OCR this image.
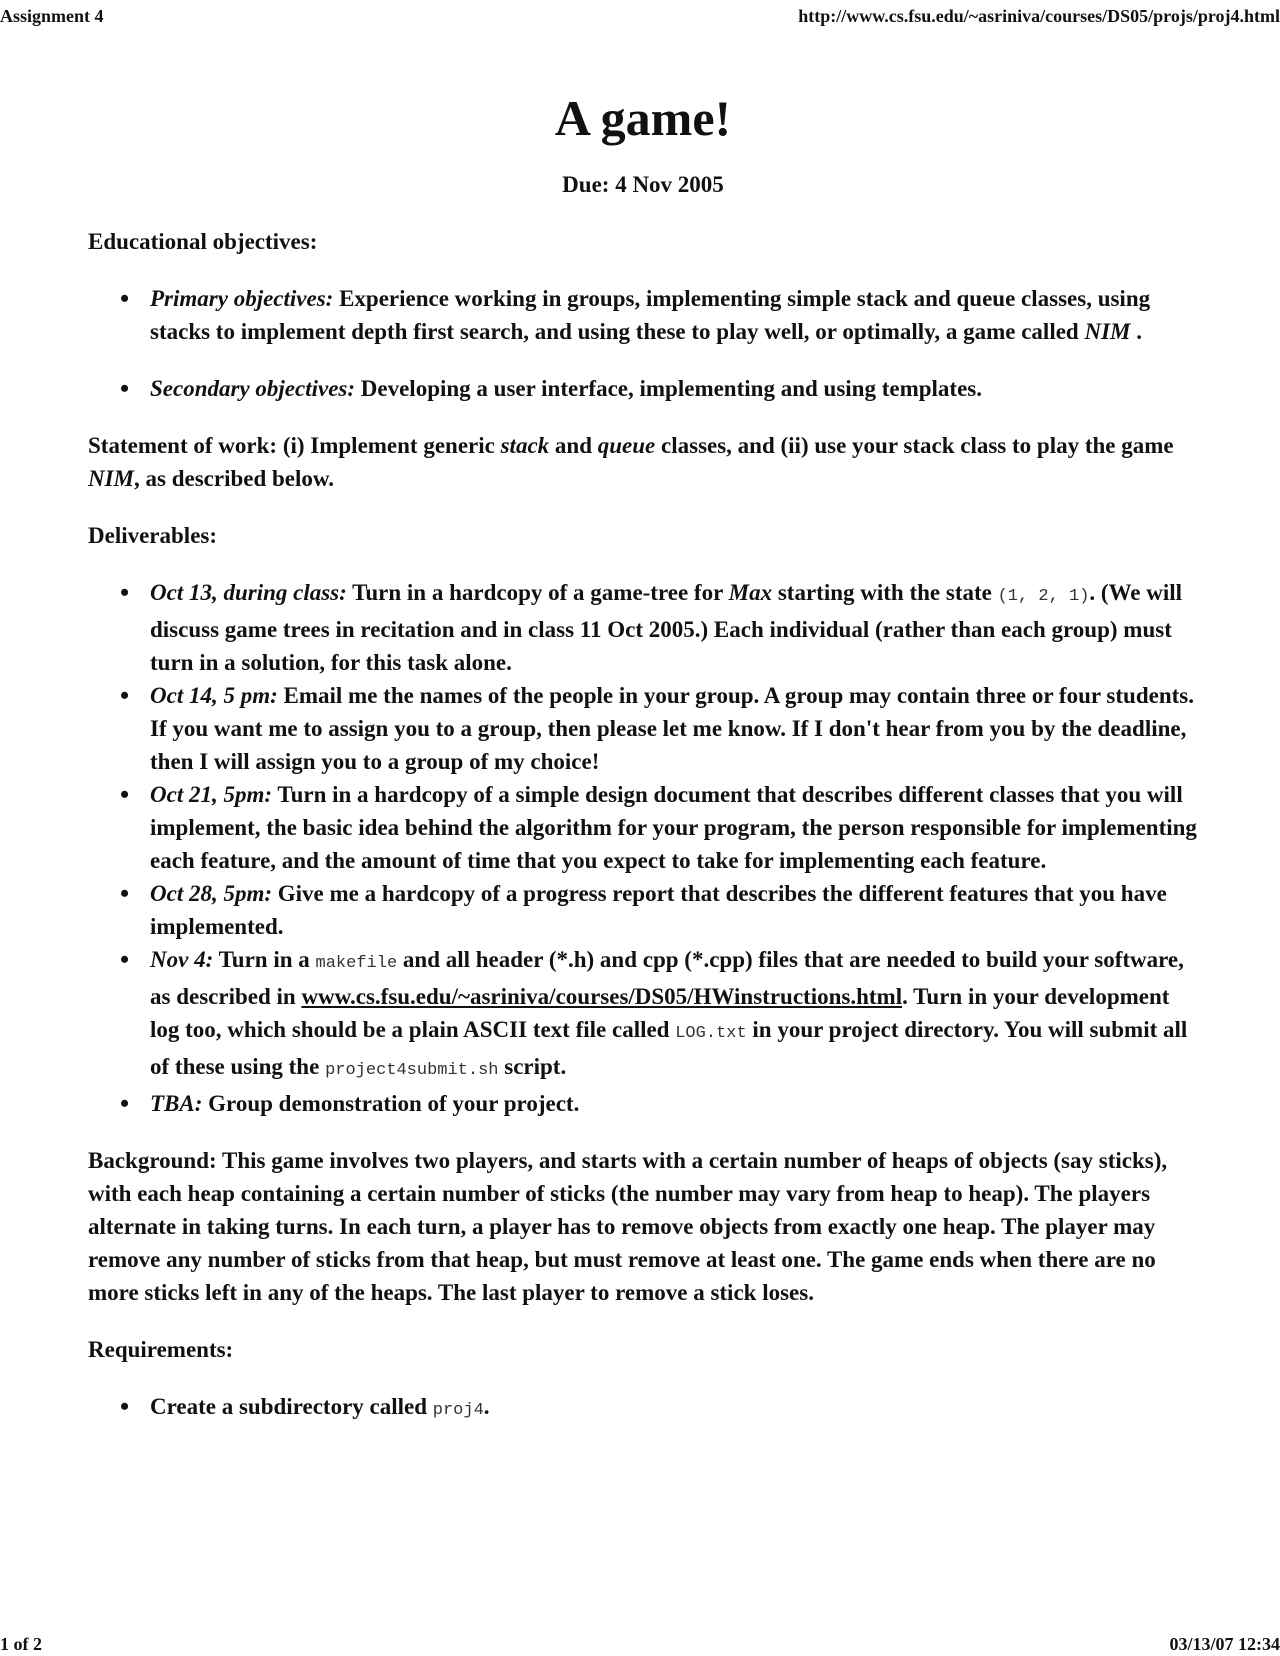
Assignment 4	http://www.cs.fsu.edu/~asriniva/courses/DS05/projs/proj4.html
A game!
Due: 4 Nov 2005

Educational objectives:

• Primary objectives: Experience working in groups, implementing simple stack and queue classes, using stacks to implement depth first search, and using these to play well, or optimally, a game called NIM .
• Secondary objectives: Developing a user interface, implementing and using templates.

Statement of work: (i) Implement generic stack and queue classes, and (ii) use your stack class to play the game NIM, as described below.

Deliverables:

• Oct 13, during class: Turn in a hardcopy of a game-tree for Max starting with the state (1, 2, 1). (We will discuss game trees in recitation and in class 11 Oct 2005.) Each individual (rather than each group) must turn in a solution, for this task alone.
• Oct 14, 5 pm: Email me the names of the people in your group. A group may contain three or four students. If you want me to assign you to a group, then please let me know. If I don't hear from you by the deadline, then I will assign you to a group of my choice!
• Oct 21, 5pm: Turn in a hardcopy of a simple design document that describes different classes that you will implement, the basic idea behind the algorithm for your program, the person responsible for implementing each feature, and the amount of time that you expect to take for implementing each feature.
• Oct 28, 5pm: Give me a hardcopy of a progress report that describes the different features that you have implemented.
• Nov 4: Turn in a makefile and all header (*.h) and cpp (*.cpp) files that are needed to build your software, as described in www.cs.fsu.edu/~asriniva/courses/DS05/HWinstructions.html. Turn in your development log too, which should be a plain ASCII text file called LOG.txt in your project directory. You will submit all of these using the project4submit.sh script.
• TBA: Group demonstration of your project.

Background: This game involves two players, and starts with a certain number of heaps of objects (say sticks), with each heap containing a certain number of sticks (the number may vary from heap to heap). The players alternate in taking turns. In each turn, a player has to remove objects from exactly one heap. The player may remove any number of sticks from that heap, but must remove at least one. The game ends when there are no more sticks left in any of the heaps. The last player to remove a stick loses.

Requirements:

• Create a subdirectory called proj4.
1 of 2	03/13/07 12:34
